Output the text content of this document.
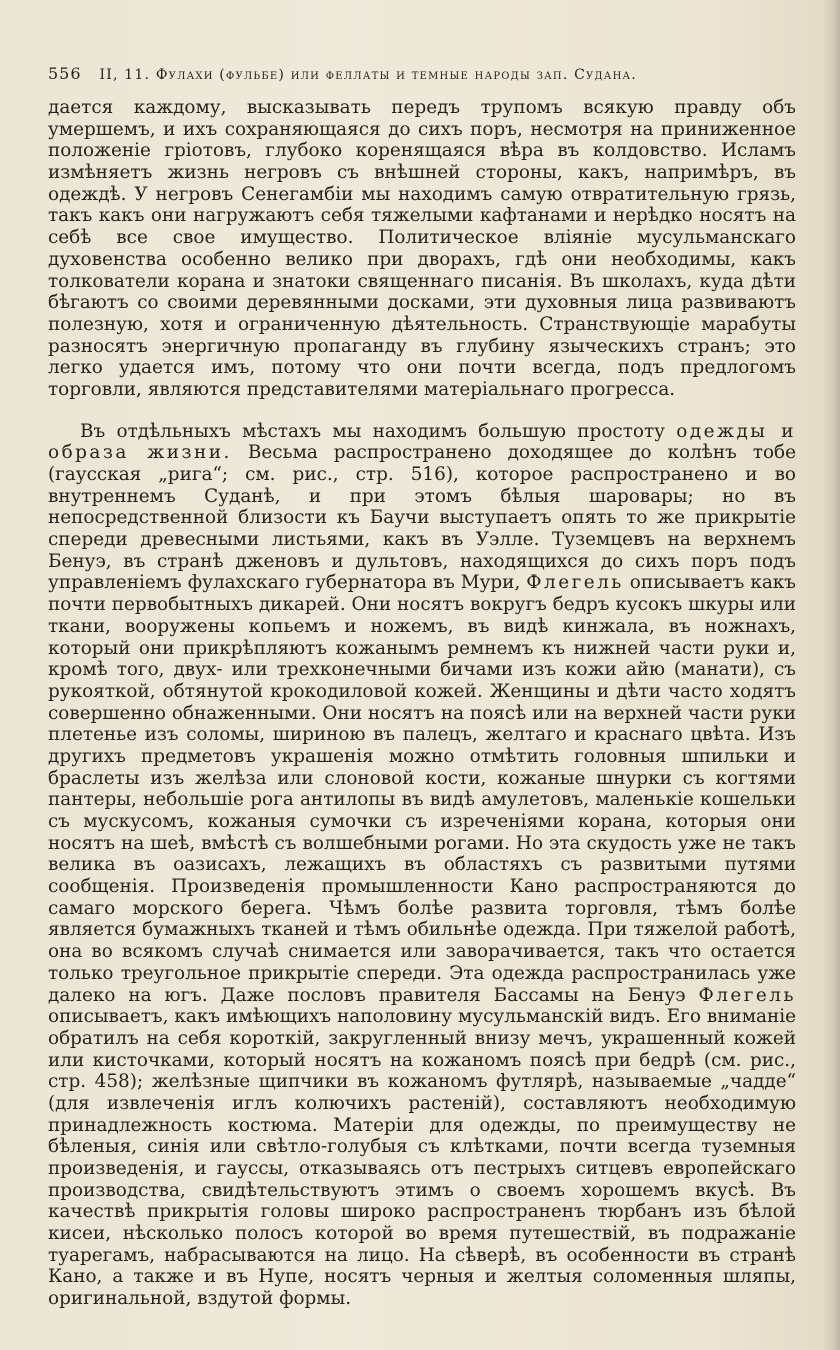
556 II, 11. Фулахи (фульбе) или феллаты и темные народы зап. Судана.

дается каждому, высказывать передъ трупомъ всякую правду объ умершемъ, и ихъ сохраняющаяся до сихъ поръ, несмотря на приниженное положеніе гріотовъ, глубоко коренящаяся вѣра въ колдовство. Исламъ измѣняетъ жизнь негровъ съ внѣшней стороны, какъ, напримѣръ, въ одеждѣ. У негровъ Сенегамбіи мы находимъ самую отвратительную грязь, такъ какъ они нагружаютъ себя тяжелыми кафтанами и нерѣдко носятъ на себѣ все свое имущество. Политическое вліяніе мусульманскаго духовенства особенно велико при дворахъ, гдѣ они необходимы, какъ толкователи корана и знатоки священнаго писанія. Въ школахъ, куда дѣти бѣгаютъ со своими деревянными досками, эти духовныя лица развиваютъ полезную, хотя и ограниченную дѣятельность. Странствующіе марабуты разносятъ энергичную пропаганду въ глубину языческихъ странъ; это легко удается имъ, потому что они почти всегда, подъ предлогомъ торговли, являются представителями матеріальнаго прогресса.

Въ отдѣльныхъ мѣстахъ мы находимъ большую простоту одежды и образа жизни. Весьма распространено доходящее до колѣнъ тобе (гаусская „рига“; см. рис., стр. 516), которое распространено и во внутреннемъ Суданѣ, и при этомъ бѣлыя шаровары; но въ непосредственной близости къ Баучи выступаетъ опять то же прикрытіе спереди древесными листьями, какъ въ Уэлле. Туземцевъ на верхнемъ Бенуэ, въ странѣ дженовъ и дультовъ, находящихся до сихъ поръ подъ управленіемъ фулахскаго губернатора въ Мури, Флегель описываетъ какъ почти первобытныхъ дикарей. Они носятъ вокругъ бедръ кусокъ шкуры или ткани, вооружены копьемъ и ножемъ, въ видѣ кинжала, въ ножнахъ, который они прикрѣпляютъ кожанымъ ремнемъ къ нижней части руки и, кромѣ того, двух- или трехконечными бичами изъ кожи айю (манати), съ рукояткой, обтянутой крокодиловой кожей. Женщины и дѣти часто ходятъ совершенно обнаженными. Они носятъ на поясѣ или на верхней части руки плетенье изъ соломы, шириною въ палецъ, желтаго и краснаго цвѣта. Изъ другихъ предметовъ украшенія можно отмѣтить головныя шпильки и браслеты изъ желѣза или слоновой кости, кожаные шнурки съ когтями пантеры, небольшіе рога антилопы въ видѣ амулетовъ, маленькіе кошельки съ мускусомъ, кожаныя сумочки съ изреченіями корана, которыя они носятъ на шеѣ, вмѣстѣ съ волшебными рогами. Но эта скудость уже не такъ велика въ оазисахъ, лежащихъ въ областяхъ съ развитыми путями сообщенія. Произведенія промышленности Кано распространяются до самаго морского берега. Чѣмъ болѣе развита торговля, тѣмъ болѣе является бумажныхъ тканей и тѣмъ обильнѣе одежда. При тяжелой работѣ, она во всякомъ случаѣ снимается или заворачивается, такъ что остается только треугольное прикрытіе спереди. Эта одежда распространилась уже далеко на югъ. Даже пословъ правителя Бассамы на Бенуэ Флегель описываетъ, какъ имѣющихъ наполовину мусульманскій видъ. Его вниманіе обратилъ на себя короткій, закругленный внизу мечъ, украшенный кожей или кисточками, который носятъ на кожаномъ поясѣ при бедрѣ (см. рис., стр. 458); желѣзные щипчики въ кожаномъ футлярѣ, называемые „чадде“ (для извлеченія иглъ колючихъ растеній), составляютъ необходимую принадлежность костюма. Матеріи для одежды, по преимуществу не бѣленыя, синія или свѣтло-голубыя съ клѣтками, почти всегда туземныя произведенія, и гауссы, отказываясь отъ пестрыхъ ситцевъ европейскаго производства, свидѣтельствуютъ этимъ о своемъ хорошемъ вкусѣ. Въ качествѣ прикрытія головы широко распространенъ тюрбанъ изъ бѣлой кисеи, нѣсколько полосъ которой во время путешествій, въ подражаніе туарегамъ, набрасываются на лицо. На сѣверѣ, въ особенности въ странѣ Кано, а также и въ Нупе, носятъ черныя и желтыя соломенныя шляпы, оригинальной, вздутой формы.
